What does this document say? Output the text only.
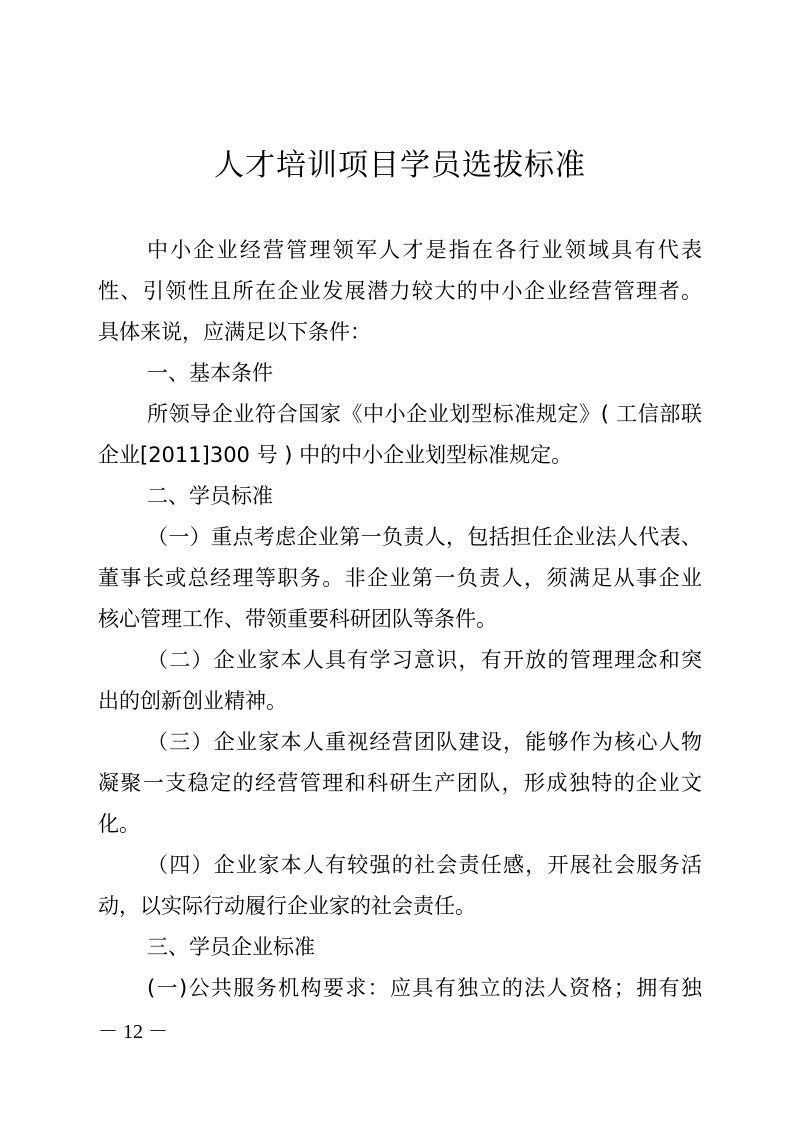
人才培训项目学员选拔标准
中小企业经营管理领军人才是指在各行业领域具有代表
性、引领性且所在企业发展潜力较大的中小企业经营管理者。
具体来说，应满足以下条件：
一、基本条件
所领导企业符合国家《中小企业划型标准规定》( 工信部联
企业[2011]300 号 ) 中的中小企业划型标准规定。
二、学员标准
（一）重点考虑企业第一负责人，包括担任企业法人代表、
董事长或总经理等职务。非企业第一负责人，须满足从事企业
核心管理工作、带领重要科研团队等条件。
（二）企业家本人具有学习意识，有开放的管理理念和突
出的创新创业精神。
（三）企业家本人重视经营团队建设，能够作为核心人物
凝聚一支稳定的经营管理和科研生产团队，形成独特的企业文
化。
（四）企业家本人有较强的社会责任感，开展社会服务活
动，以实际行动履行企业家的社会责任。
三、学员企业标准
(一)公共服务机构要求：应具有独立的法人资格；拥有独
－ 12 －
